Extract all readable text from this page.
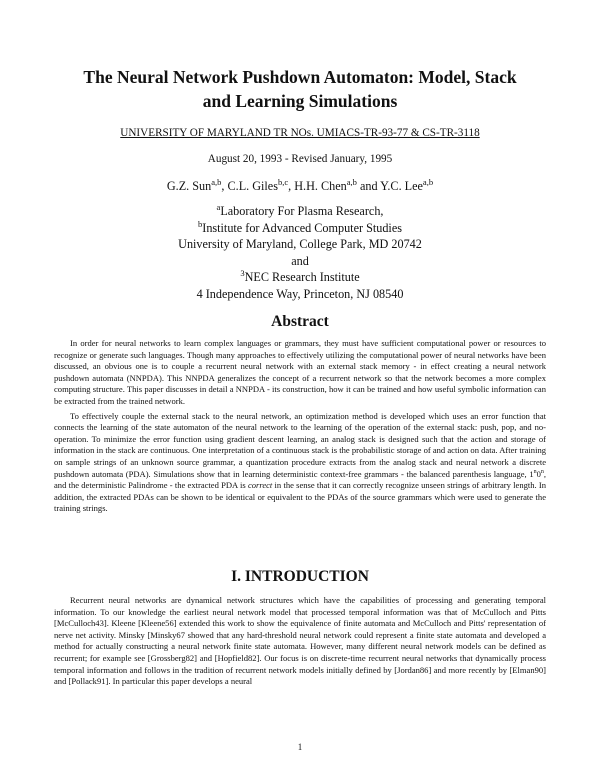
The Neural Network Pushdown Automaton: Model, Stack
and Learning Simulations
UNIVERSITY OF MARYLAND TR NOs. UMIACS-TR-93-77 & CS-TR-3118
August 20, 1993 - Revised January, 1995
G.Z. Sun$^{a,b}$, C.L. Giles$^{b,c}$, H.H. Chen$^{a,b}$ and Y.C. Lee$^{a,b}$
$^a$Laboratory For Plasma Research,
$^b$Institute for Advanced Computer Studies
University of Maryland, College Park, MD 20742
and
$^3$NEC Research Institute
4 Independence Way, Princeton, NJ 08540
Abstract

In order for neural networks to learn complex languages or grammars, they must have sufficient computational power or resources to recognize or generate such languages. Though many approaches to effectively utilizing the computational power of neural networks have been discussed, an obvious one is to couple a recurrent neural network with an external stack memory - in effect creating a neural network pushdown automata (NNPDA). This NNPDA generalizes the concept of a recurrent network so that the network becomes a more complex computing structure. This paper discusses in detail a NNPDA - its construction, how it can be trained and how useful symbolic information can be extracted from the trained network.

To effectively couple the external stack to the neural network, an optimization method is developed which uses an error function that connects the learning of the state automaton of the neural network to the learning of the operation of the external stack: push, pop, and no-operation. To minimize the error function using gradient descent learning, an analog stack is designed such that the action and storage of information in the stack are continuous. One interpretation of a continuous stack is the probabilistic storage of and action on data. After training on sample strings of an unknown source grammar, a quantization procedure extracts from the analog stack and neural network a discrete pushdown automata (PDA). Simulations show that in learning deterministic context-free grammars - the balanced parenthesis language, 1$^n$0$^n$, and the deterministic Palindrome - the extracted PDA is correct in the sense that it can correctly recognize unseen strings of arbitrary length. In addition, the extracted PDAs can be shown to be identical or equivalent to the PDAs of the source grammars which were used to generate the training strings.

I. INTRODUCTION

Recurrent neural networks are dynamical network structures which have the capabilities of processing and generating temporal information. To our knowledge the earliest neural network model that processed temporal information was that of McCulloch and Pitts [McCulloch43]. Kleene [Kleene56] extended this work to show the equivalence of finite automata and McCulloch and Pitts' representation of nerve net activity. Minsky [Minsky67 showed that any hard-threshold neural network could represent a finite state automata and developed a method for actually constructing a neural network finite state automata. However, many different neural network models can be defined as recurrent; for example see [Grossberg82] and [Hopfield82]. Our focus is on discrete-time recurrent neural networks that dynamically process temporal information and follows in the tradition of recurrent network models initially defined by [Jordan86] and more recently by [Elman90] and [Pollack91]. In particular this paper develops a neural

1
